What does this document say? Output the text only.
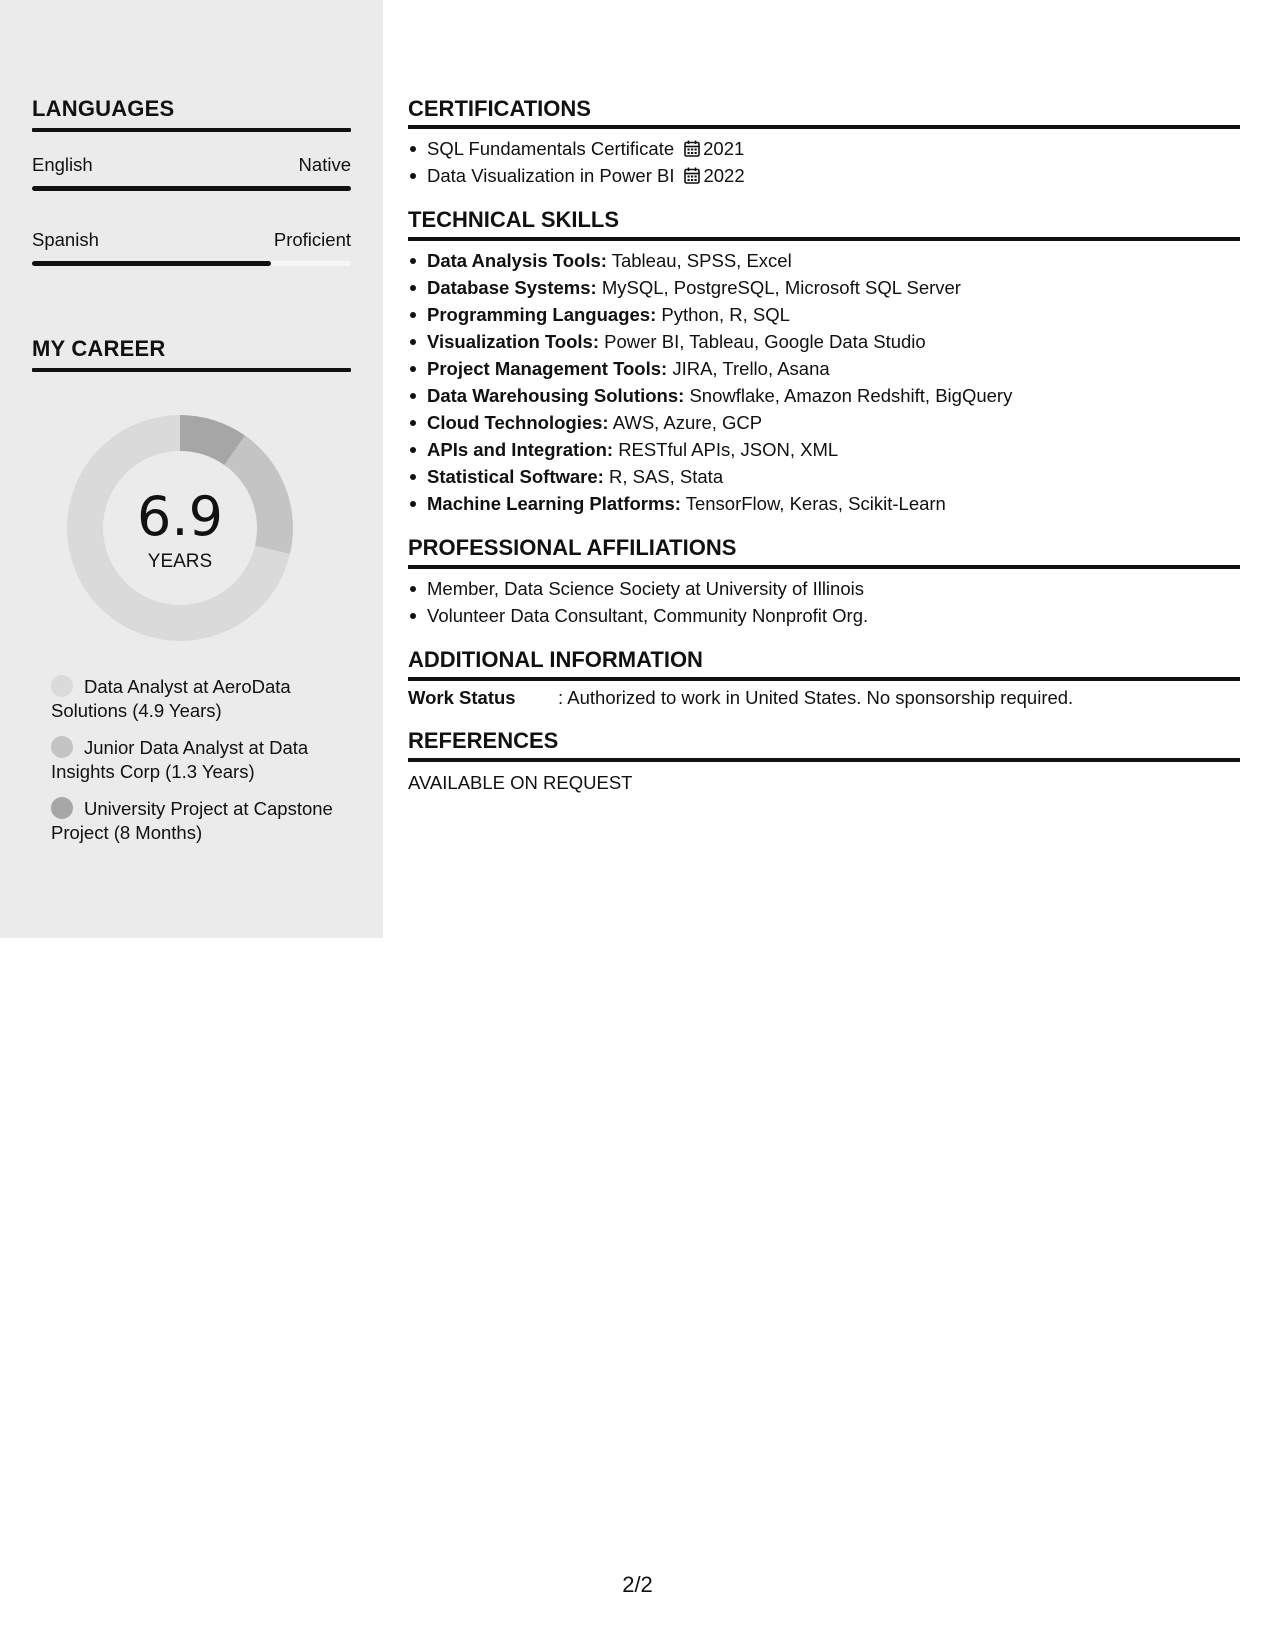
LANGUAGES
English	Native
Spanish	Proficient
MY CAREER
6.9
YEARS
Data Analyst at AeroData Solutions (4.9 Years)
Junior Data Analyst at Data Insights Corp (1.3 Years)
University Project at Capstone Project (8 Months)
CERTIFICATIONS
SQL Fundamentals Certificate 2021
Data Visualization in Power BI 2022
TECHNICAL SKILLS
Data Analysis Tools: Tableau, SPSS, Excel
Database Systems: MySQL, PostgreSQL, Microsoft SQL Server
Programming Languages: Python, R, SQL
Visualization Tools: Power BI, Tableau, Google Data Studio
Project Management Tools: JIRA, Trello, Asana
Data Warehousing Solutions: Snowflake, Amazon Redshift, BigQuery
Cloud Technologies: AWS, Azure, GCP
APIs and Integration: RESTful APIs, JSON, XML
Statistical Software: R, SAS, Stata
Machine Learning Platforms: TensorFlow, Keras, Scikit-Learn
PROFESSIONAL AFFILIATIONS
Member, Data Science Society at University of Illinois
Volunteer Data Consultant, Community Nonprofit Org.
ADDITIONAL INFORMATION
Work Status : Authorized to work in United States. No sponsorship required.
REFERENCES
AVAILABLE ON REQUEST
2/2
